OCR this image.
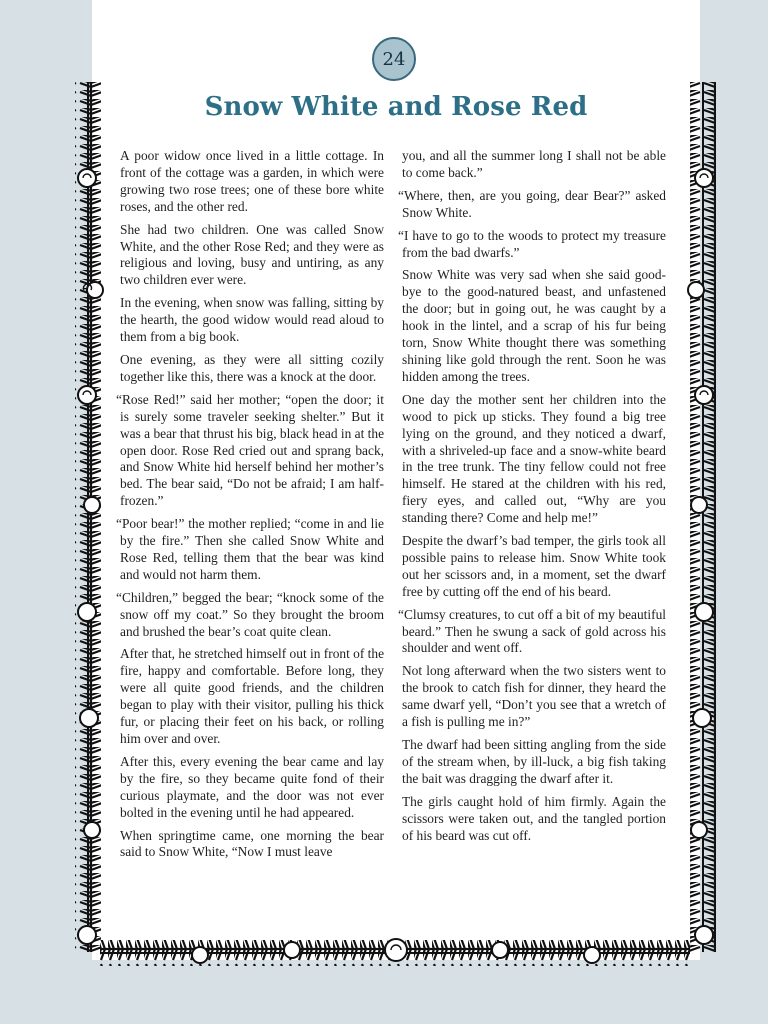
24
Snow White and Rose Red

A poor widow once lived in a little cottage. In front of the cottage was a garden, in which were growing two rose trees; one of these bore white roses, and the other red.

She had two children. One was called Snow White, and the other Rose Red; and they were as religious and loving, busy and untiring, as any two children ever were.

In the evening, when snow was falling, sitting by the hearth, the good widow would read aloud to them from a big book.

One evening, as they were all sitting cozily together like this, there was a knock at the door.

“Rose Red!” said her mother; “open the door; it is surely some traveler seeking shelter.” But it was a bear that thrust his big, black head in at the open door. Rose Red cried out and sprang back, and Snow White hid herself behind her mother’s bed. The bear said, “Do not be afraid; I am half-frozen.”

“Poor bear!” the mother replied; “come in and lie by the fire.” Then she called Snow White and Rose Red, telling them that the bear was kind and would not harm them.

“Children,” begged the bear; “knock some of the snow off my coat.” So they brought the broom and brushed the bear’s coat quite clean.

After that, he stretched himself out in front of the fire, happy and comfortable. Before long, they were all quite good friends, and the children began to play with their visitor, pulling his thick fur, or placing their feet on his back, or rolling him over and over.

After this, every evening the bear came and lay by the fire, so they became quite fond of their curious playmate, and the door was not ever bolted in the evening until he had appeared.

When springtime came, one morning the bear said to Snow White, “Now I must leave

you, and all the summer long I shall not be able to come back.”

“Where, then, are you going, dear Bear?” asked Snow White.

“I have to go to the woods to protect my treasure from the bad dwarfs.”

Snow White was very sad when she said good-bye to the good-natured beast, and unfastened the door; but in going out, he was caught by a hook in the lintel, and a scrap of his fur being torn, Snow White thought there was something shining like gold through the rent. Soon he was hidden among the trees.

One day the mother sent her children into the wood to pick up sticks. They found a big tree lying on the ground, and they noticed a dwarf, with a shriveled-up face and a snow-white beard in the tree trunk. The tiny fellow could not free himself. He stared at the children with his red, fiery eyes, and called out, “Why are you standing there? Come and help me!”

Despite the dwarf’s bad temper, the girls took all possible pains to release him. Snow White took out her scissors and, in a moment, set the dwarf free by cutting off the end of his beard.

“Clumsy creatures, to cut off a bit of my beautiful beard.” Then he swung a sack of gold across his shoulder and went off.

Not long afterward when the two sisters went to the brook to catch fish for dinner, they heard the same dwarf yell, “Don’t you see that a wretch of a fish is pulling me in?”

The dwarf had been sitting angling from the side of the stream when, by ill-luck, a big fish taking the bait was dragging the dwarf after it.

The girls caught hold of him firmly. Again the scissors were taken out, and the tangled portion of his beard was cut off.
